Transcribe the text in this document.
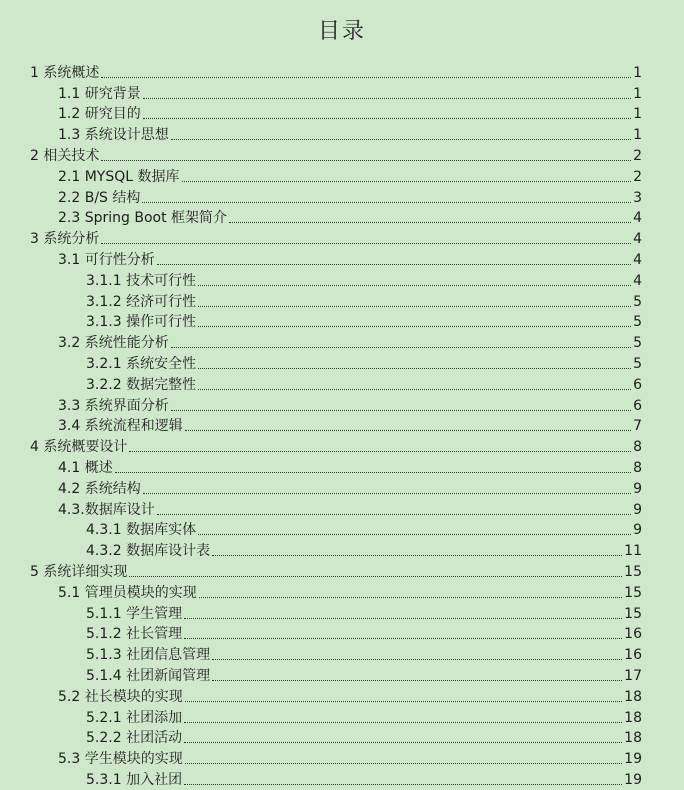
目录
1 系统概述	1
1.1 研究背景	1
1.2 研究目的	1
1.3 系统设计思想	1
2 相关技术	2
2.1 MYSQL 数据库	2
2.2 B/S 结构	3
2.3 Spring Boot 框架简介	4
3 系统分析	4
3.1 可行性分析	4
3.1.1 技术可行性	4
3.1.2 经济可行性	5
3.1.3 操作可行性	5
3.2 系统性能分析	5
3.2.1 系统安全性	5
3.2.2 数据完整性	6
3.3 系统界面分析	6
3.4 系统流程和逻辑	7
4 系统概要设计	8
4.1 概述	8
4.2 系统结构	9
4.3.数据库设计	9
4.3.1 数据库实体	9
4.3.2 数据库设计表	11
5 系统详细实现	15
5.1 管理员模块的实现	15
5.1.1 学生管理	15
5.1.2 社长管理	16
5.1.3 社团信息管理	16
5.1.4 社团新闻管理	17
5.2 社长模块的实现	18
5.2.1 社团添加	18
5.2.2 社团活动	18
5.3 学生模块的实现	19
5.3.1 加入社团	19
